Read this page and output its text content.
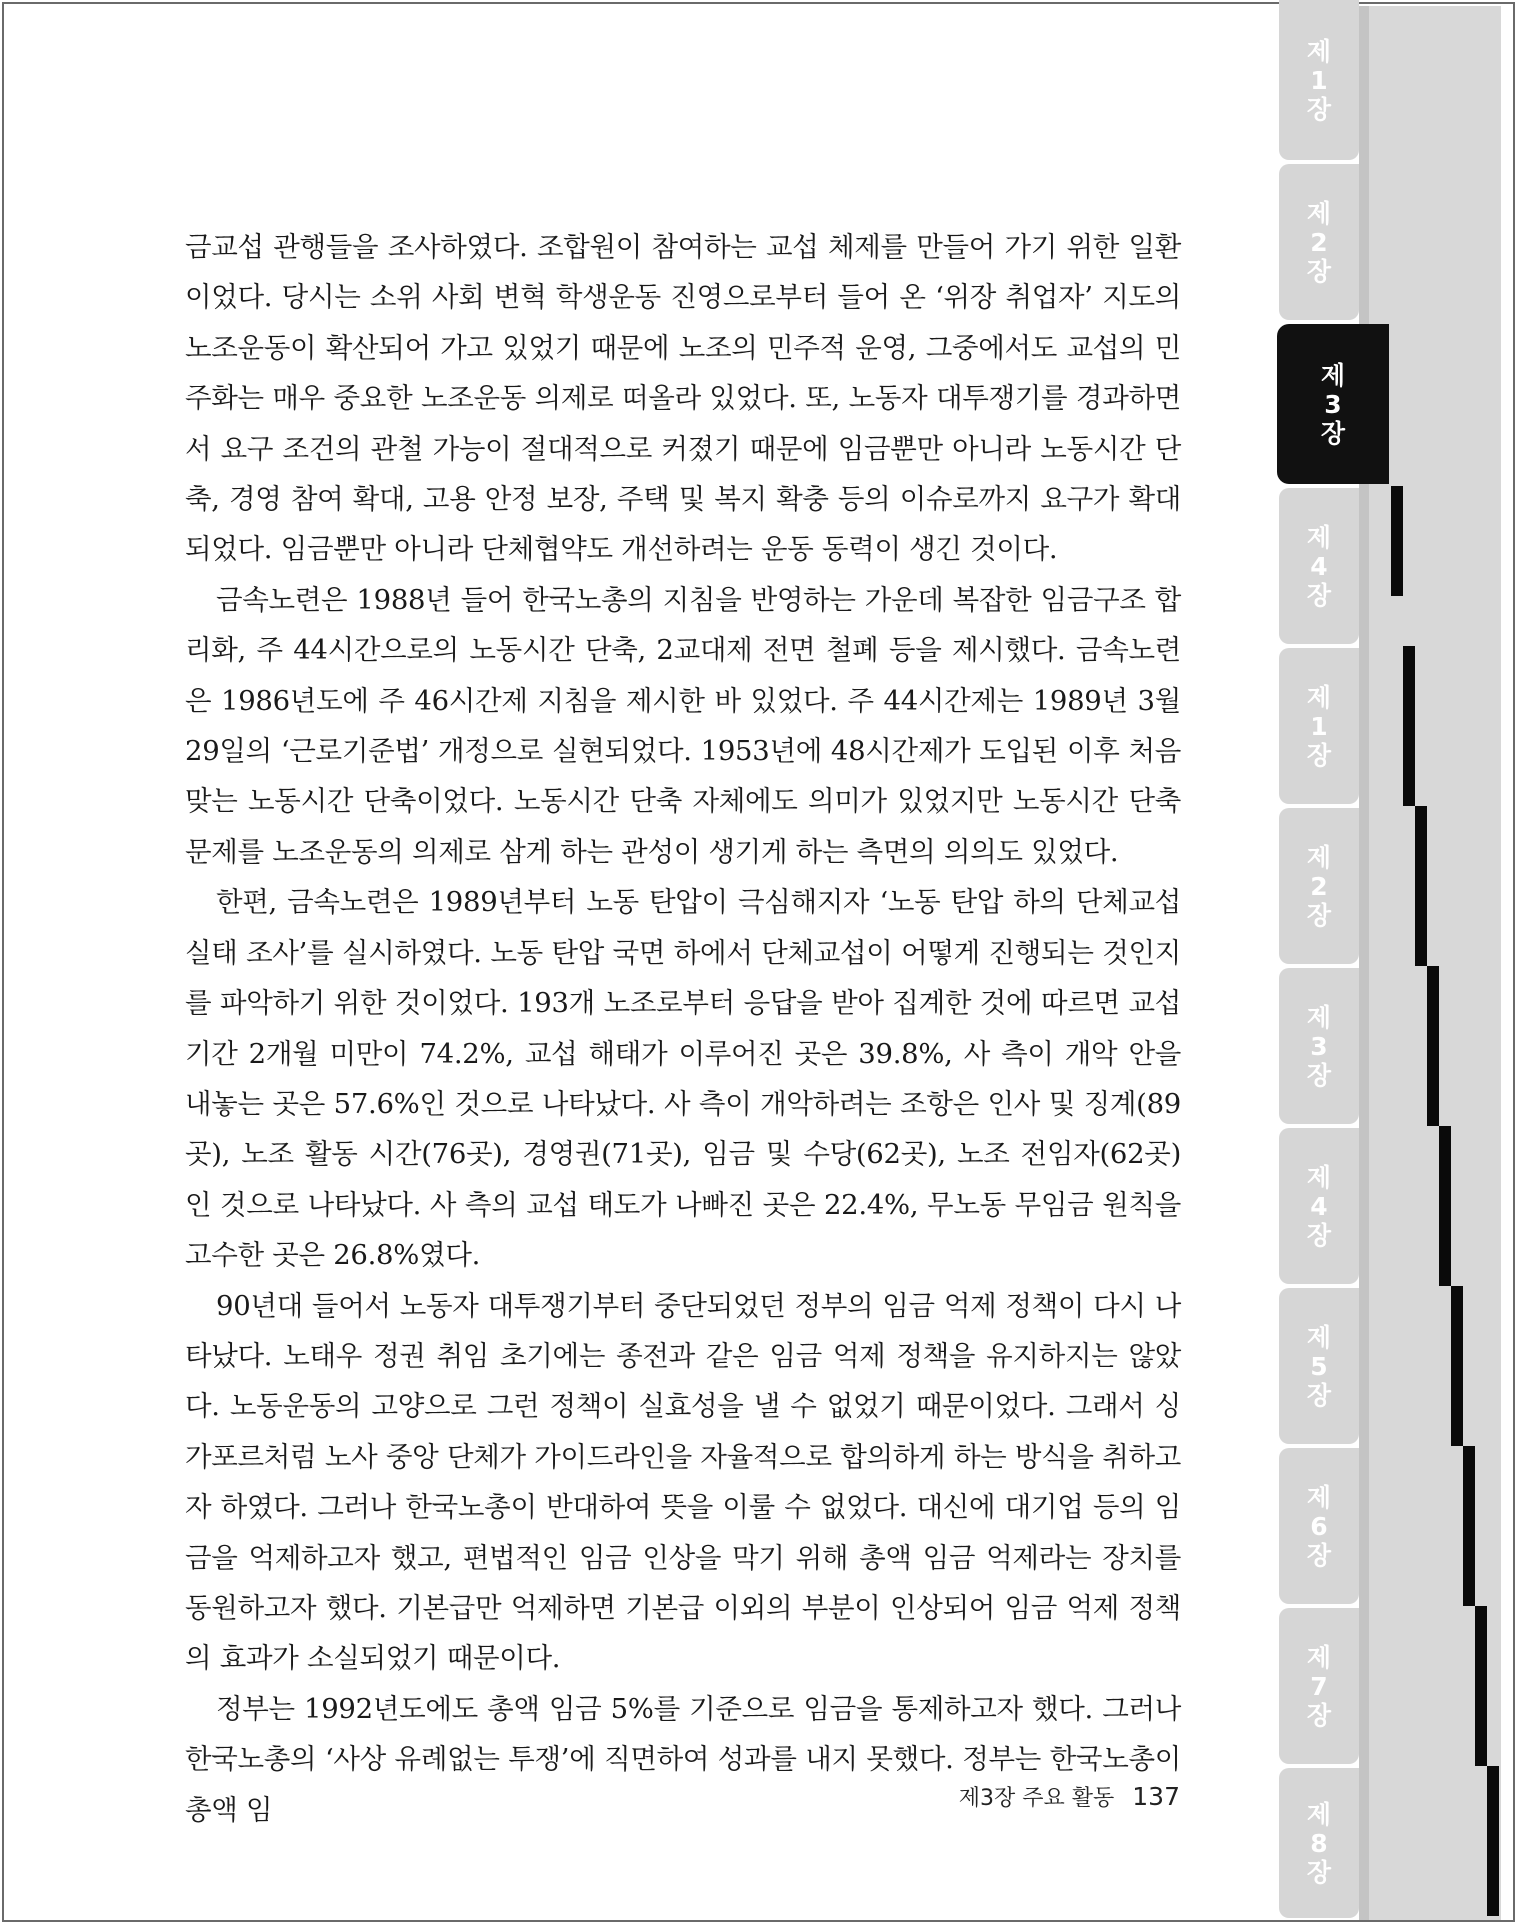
제
1
장
제
2
장
제
3
장
제
4
장
제
1
장
제
2
장
제
3
장
제
4
장
제
5
장
제
6
장
제
7
장
제
8
장

금교섭 관행들을 조사하였다. 조합원이 참여하는 교섭 체제를 만들어 가기 위한 일환이었다. 당시는 소위 사회 변혁 학생운동 진영으로부터 들어 온 ‘위장 취업자’ 지도의 노조운동이 확산되어 가고 있었기 때문에 노조의 민주적 운영, 그중에서도 교섭의 민주화는 매우 중요한 노조운동 의제로 떠올라 있었다. 또, 노동자 대투쟁기를 경과하면서 요구 조건의 관철 가능이 절대적으로 커졌기 때문에 임금뿐만 아니라 노동시간 단축, 경영 참여 확대, 고용 안정 보장, 주택 및 복지 확충 등의 이슈로까지 요구가 확대되었다. 임금뿐만 아니라 단체협약도 개선하려는 운동 동력이 생긴 것이다.

금속노련은 1988년 들어 한국노총의 지침을 반영하는 가운데 복잡한 임금구조 합리화, 주 44시간으로의 노동시간 단축, 2교대제 전면 철폐 등을 제시했다. 금속노련은 1986년도에 주 46시간제 지침을 제시한 바 있었다. 주 44시간제는 1989년 3월 29일의 ‘근로기준법’ 개정으로 실현되었다. 1953년에 48시간제가 도입된 이후 처음 맞는 노동시간 단축이었다. 노동시간 단축 자체에도 의미가 있었지만 노동시간 단축 문제를 노조운동의 의제로 삼게 하는 관성이 생기게 하는 측면의 의의도 있었다.

한편, 금속노련은 1989년부터 노동 탄압이 극심해지자 ‘노동 탄압 하의 단체교섭 실태 조사’를 실시하였다. 노동 탄압 국면 하에서 단체교섭이 어떻게 진행되는 것인지를 파악하기 위한 것이었다. 193개 노조로부터 응답을 받아 집계한 것에 따르면 교섭 기간 2개월 미만이 74.2%, 교섭 해태가 이루어진 곳은 39.8%, 사 측이 개악 안을 내놓는 곳은 57.6%인 것으로 나타났다. 사 측이 개악하려는 조항은 인사 및 징계(89곳), 노조 활동 시간(76곳), 경영권(71곳), 임금 및 수당(62곳), 노조 전임자(62곳)인 것으로 나타났다. 사 측의 교섭 태도가 나빠진 곳은 22.4%, 무노동 무임금 원칙을 고수한 곳은 26.8%였다.

90년대 들어서 노동자 대투쟁기부터 중단되었던 정부의 임금 억제 정책이 다시 나타났다. 노태우 정권 취임 초기에는 종전과 같은 임금 억제 정책을 유지하지는 않았다. 노동운동의 고양으로 그런 정책이 실효성을 낼 수 없었기 때문이었다. 그래서 싱가포르처럼 노사 중앙 단체가 가이드라인을 자율적으로 합의하게 하는 방식을 취하고자 하였다. 그러나 한국노총이 반대하여 뜻을 이룰 수 없었다. 대신에 대기업 등의 임금을 억제하고자 했고, 편법적인 임금 인상을 막기 위해 총액 임금 억제라는 장치를 동원하고자 했다. 기본급만 억제하면 기본급 이외의 부분이 인상되어 임금 억제 정책의 효과가 소실되었기 때문이다.

정부는 1992년도에도 총액 임금 5%를 기준으로 임금을 통제하고자 했다. 그러나 한국노총의 ‘사상 유례없는 투쟁’에 직면하여 성과를 내지 못했다. 정부는 한국노총이 총액 임	제3장 주요 활동 137
